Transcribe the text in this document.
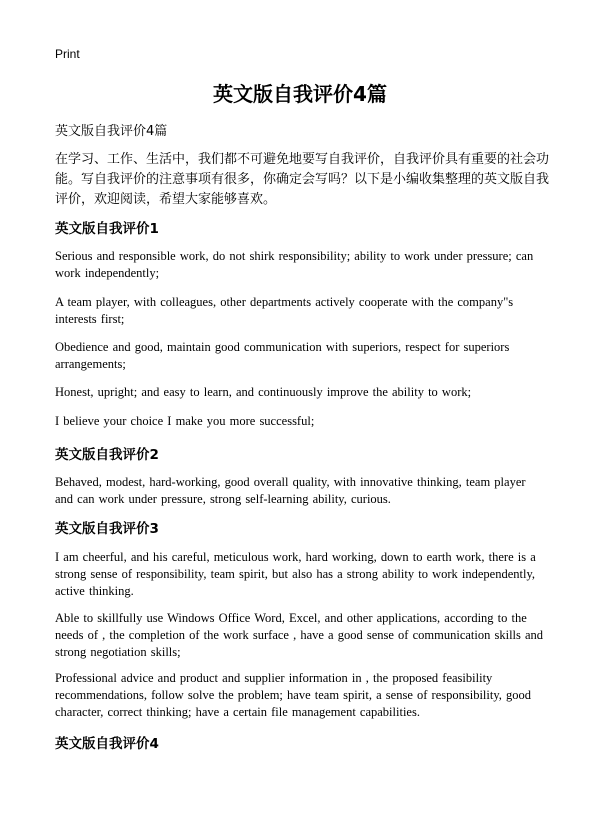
Print
英文版自我评价4篇
英文版自我评价4篇

在学习、工作、生活中，我们都不可避免地要写自我评价，自我评价具有重要的社会功能。写自我评价的注意事项有很多，你确定会写吗？以下是小编收集整理的英文版自我评价，欢迎阅读，希望大家能够喜欢。

英文版自我评价1

Serious and responsible work, do not shirk responsibility; ability to work under pressure; can work independently;

A team player, with colleagues, other departments actively cooperate with the company"s interests first;

Obedience and good, maintain good communication with superiors, respect for superiors arrangements;

Honest, upright; and easy to learn, and continuously improve the ability to work;

I believe your choice I make you more successful;

英文版自我评价2

Behaved, modest, hard-working, good overall quality, with innovative thinking, team player and can work under pressure, strong self-learning ability, curious.

英文版自我评价3

I am cheerful, and his careful, meticulous work, hard working, down to earth work, there is a strong sense of responsibility, team spirit, but also has a strong ability to work independently, active thinking.

Able to skillfully use Windows Office Word, Excel, and other applications, according to the needs of , the completion of the work surface , have a good sense of communication skills and strong negotiation skills;

Professional advice and product and supplier information in , the proposed feasibility recommendations, follow solve the problem; have team spirit, a sense of responsibility, good character, correct thinking; have a certain file management capabilities.

英文版自我评价4
